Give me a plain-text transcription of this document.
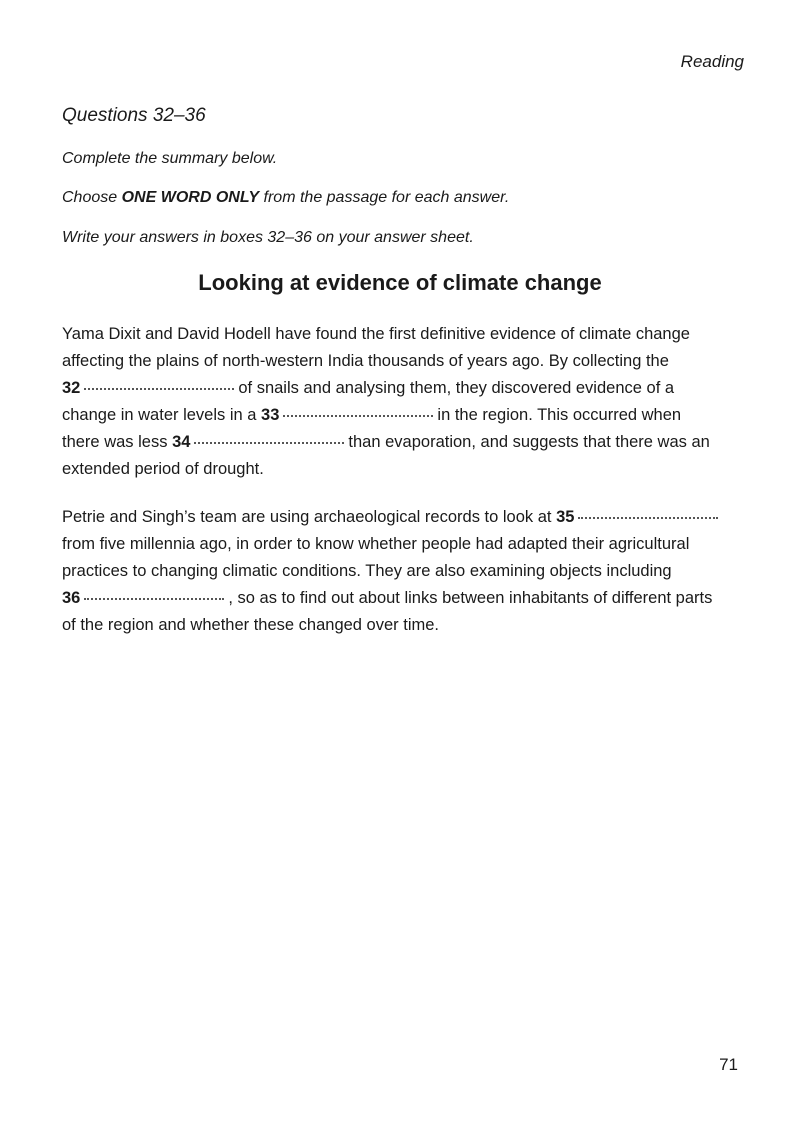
Reading
Questions 32–36
Complete the summary below.
Choose ONE WORD ONLY from the passage for each answer.
Write your answers in boxes 32–36 on your answer sheet.
Looking at evidence of climate change
Yama Dixit and David Hodell have found the first definitive evidence of climate change
affecting the plains of north-western India thousands of years ago. By collecting the
32	of snails and analysing them, they discovered evidence of a
change in water levels in a 33	in the region. This occurred when
there was less 34	than evaporation, and suggests that there was an
extended period of drought.
Petrie and Singh’s team are using archaeological records to look at 35
from five millennia ago, in order to know whether people had adapted their agricultural
practices to changing climatic conditions. They are also examining objects including
36	, so as to find out about links between inhabitants of different parts
of the region and whether these changed over time.
71
